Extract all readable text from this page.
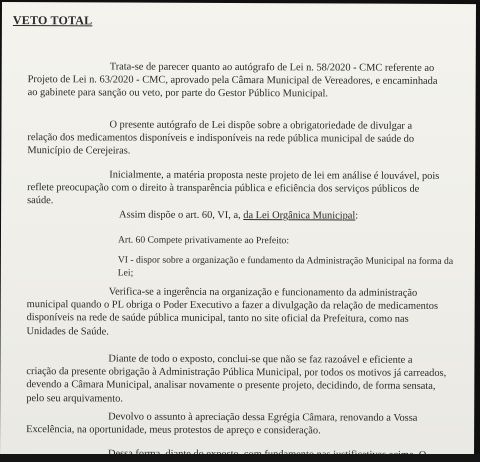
VETO TOTAL
Trata-se de parecer quanto ao autógrafo de Lei n. 58/2020 - CMC referente ao
Projeto de Lei n. 63/2020 - CMC, aprovado pela Câmara Municipal de Vereadores, e encaminhada
ao gabinete para sanção ou veto, por parte do Gestor Público Municipal.
O presente autógrafo de Lei dispõe sobre a obrigatoriedade de divulgar a
relação dos medicamentos disponíveis e indisponíveis na rede pública municipal de saúde do
Município de Cerejeiras.
Inicialmente, a matéria proposta neste projeto de lei em análise é louvável, pois
reflete preocupação com o direito à transparência pública e eficiência dos serviços públicos de
saúde.
Assim dispõe o art. 60, VI, a, da Lei Orgânica Municipal:
Art. 60 Compete privativamente ao Prefeito:
VI - dispor sobre a organização e fundamento da Administração Municipal na forma da
Lei;
Verifica-se a ingerência na organização e funcionamento da administração
municipal quando o PL obriga o Poder Executivo a fazer a divulgação da relação de medicamentos
disponíveis na rede de saúde pública municipal, tanto no site oficial da Prefeitura, como nas
Unidades de Saúde.
Diante de todo o exposto, conclui-se que não se faz razoável e eficiente a
criação da presente obrigação à Administração Pública Municipal, por todos os motivos já carreados,
devendo a Câmara Municipal, analisar novamente o presente projeto, decidindo, de forma sensata,
pelo seu arquivamento.
Devolvo o assunto à apreciação dessa Egrégia Câmara, renovando a Vossa
Excelência, na oportunidade, meus protestos de apreço e consideração.
